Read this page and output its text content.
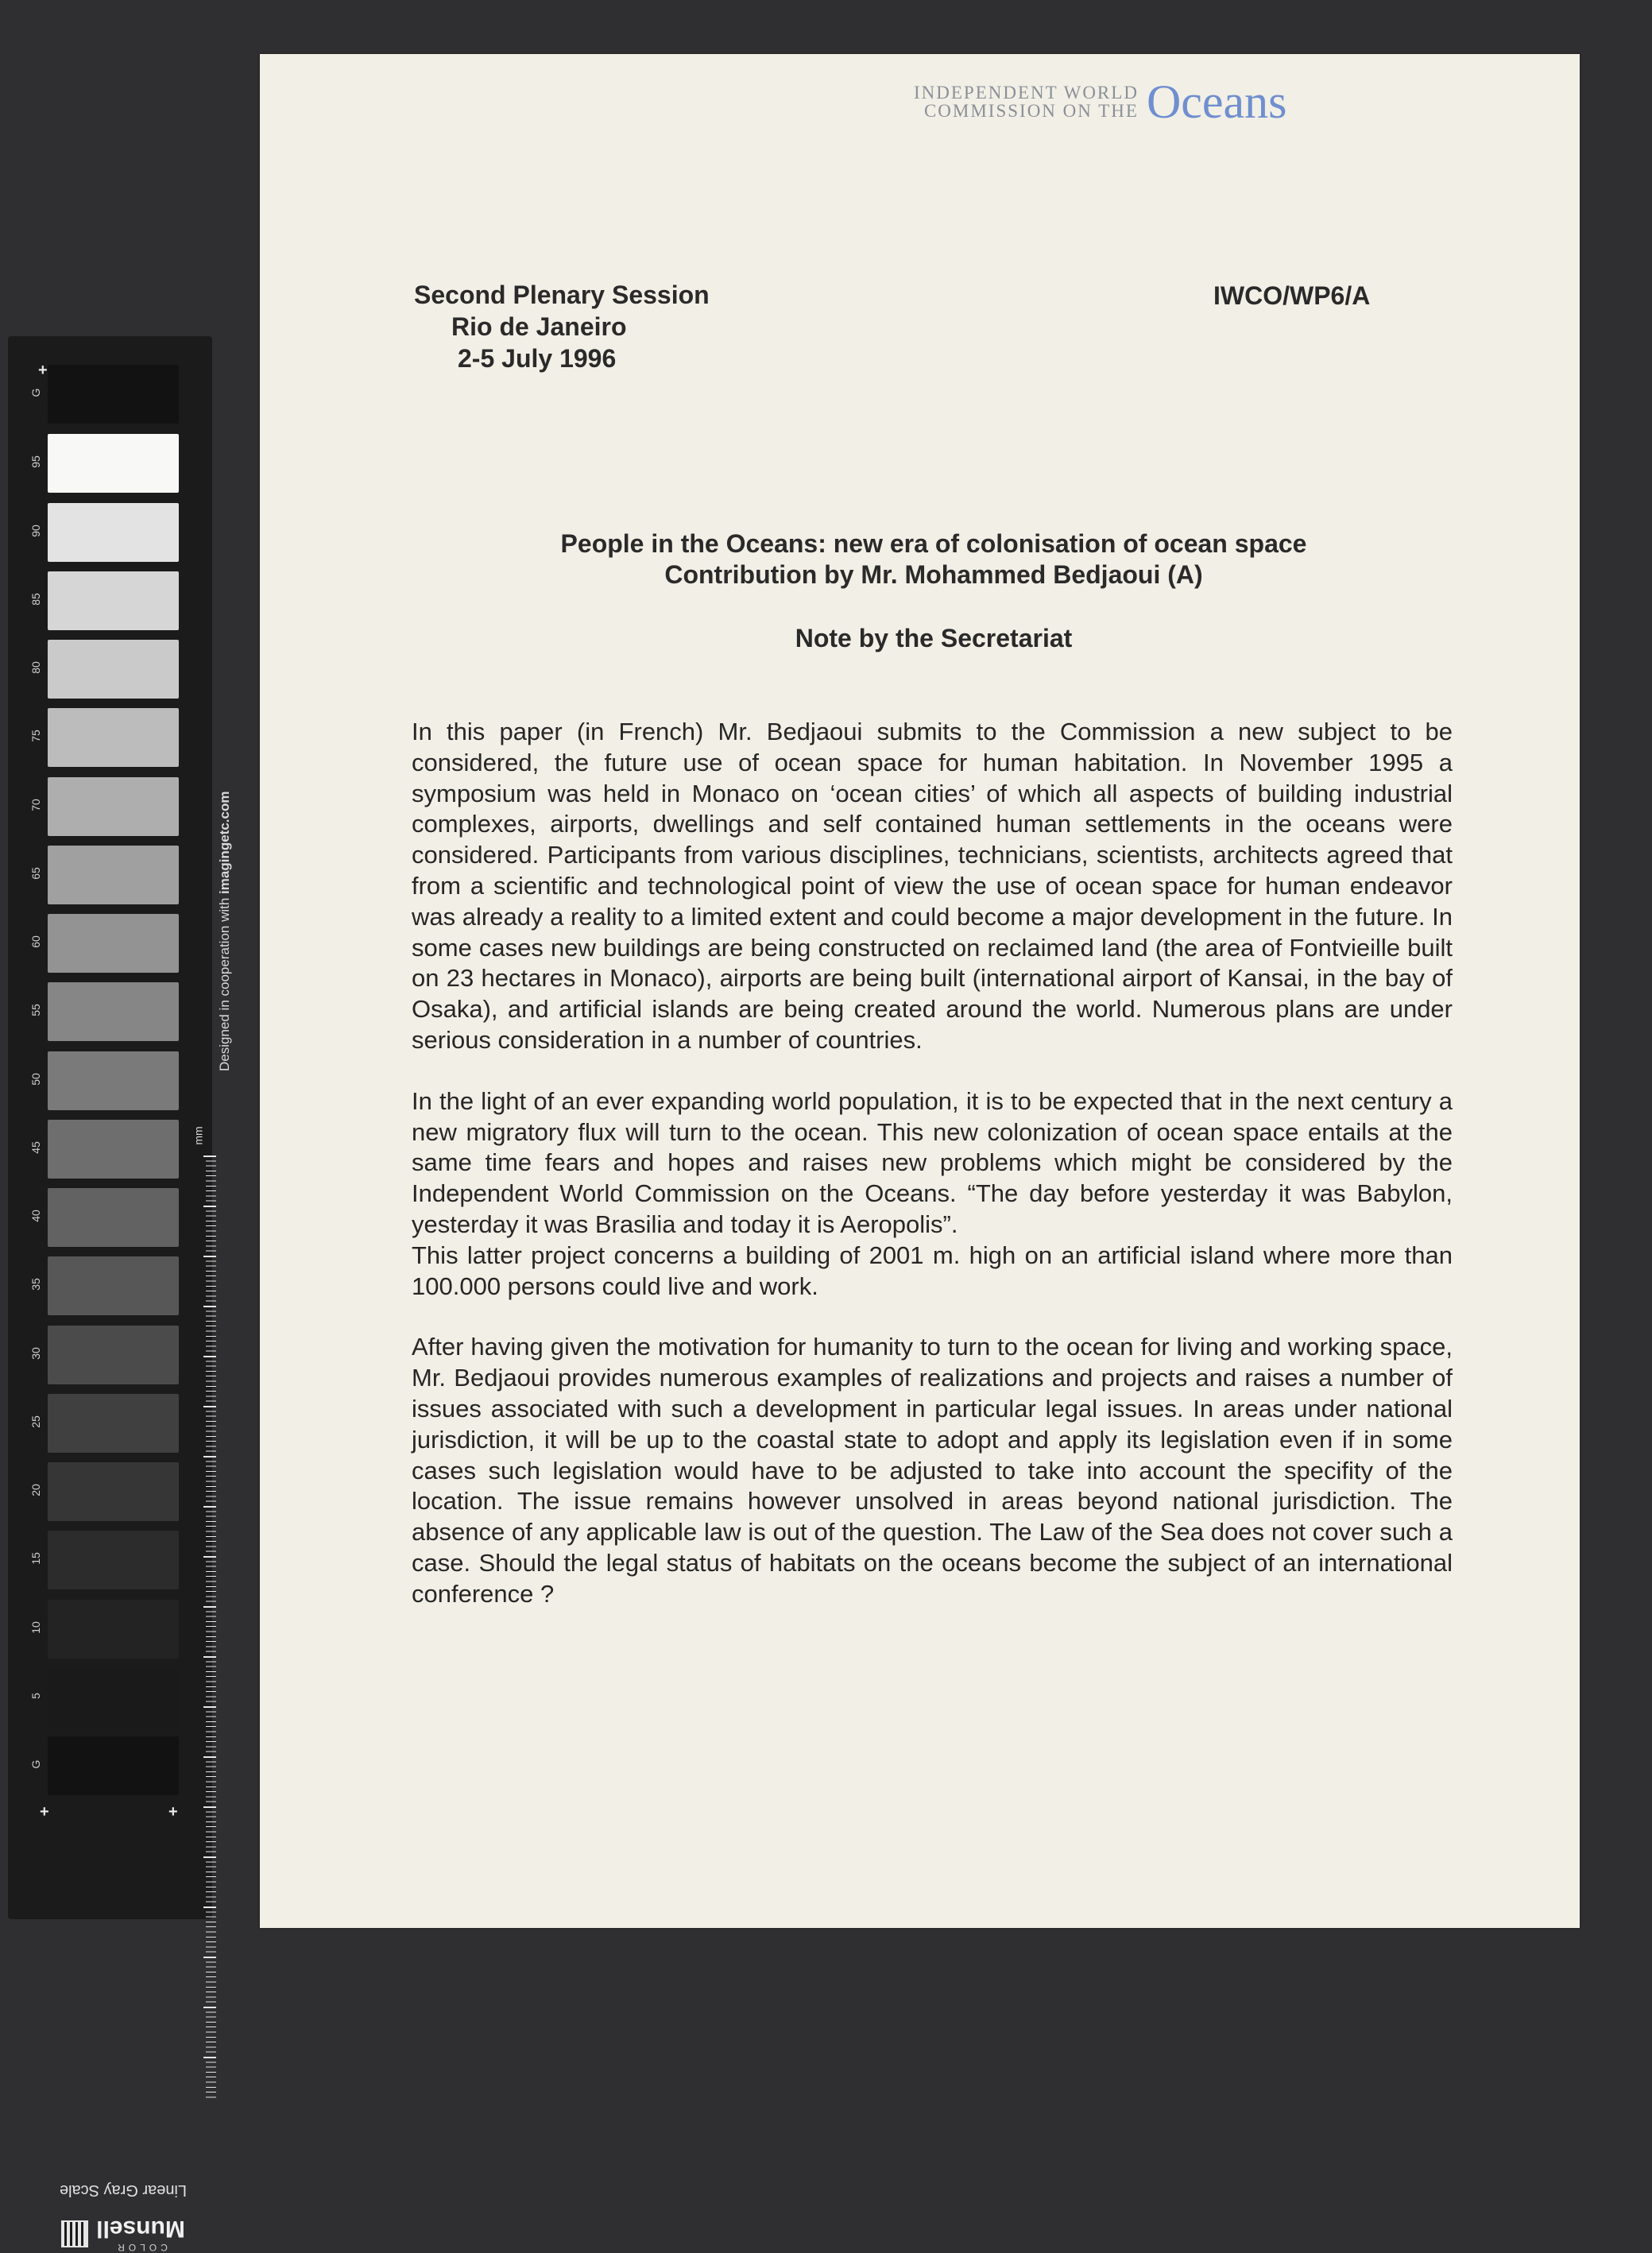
+
G
95
90
85
80
75
70
65
60
55
50
45
40
35
30
25
20
15
10
5
G
Designed in cooperation with imagingetc.com
mm
+	+
Linear Gray Scale
COLOR
Munsell
INDEPENDENT WORLD
COMMISSION ON THE Oceans
Second Plenary Session
Rio de Janeiro
2-5 July 1996
IWCO/WP6/A
People in the Oceans: new era of colonisation of ocean space
Contribution by Mr. Mohammed Bedjaoui (A)
Note by the Secretariat

In this paper (in French) Mr. Bedjaoui submits to the Commission a new subject to be considered, the future use of ocean space for human habitation. In November 1995 a symposium was held in Monaco on ‘ocean cities’ of which all aspects of building industrial complexes, airports, dwellings and self contained human settlements in the oceans were considered. Participants from various disciplines, technicians, scientists, architects agreed that from a scientific and technological point of view the use of ocean space for human endeavor was already a reality to a limited extent and could become a major development in the future. In some cases new buildings are being constructed on reclaimed land (the area of Fontvieille built on 23 hectares in Monaco), airports are being built (international airport of Kansai, in the bay of Osaka), and artificial islands are being created around the world. Numerous plans are under serious consideration in a number of countries.

In the light of an ever expanding world population, it is to be expected that in the next century a new migratory flux will turn to the ocean. This new colonization of ocean space entails at the same time fears and hopes and raises new problems which might be considered by the Independent World Commission on the Oceans. “The day before yesterday it was Babylon, yesterday it was Brasilia and today it is Aeropolis”.

This latter project concerns a building of 2001 m. high on an artificial island where more than 100.000 persons could live and work.

After having given the motivation for humanity to turn to the ocean for living and working space, Mr. Bedjaoui provides numerous examples of realizations and projects and raises a number of issues associated with such a development in particular legal issues. In areas under national jurisdiction, it will be up to the coastal state to adopt and apply its legislation even if in some cases such legislation would have to be adjusted to take into account the specifity of the location. The issue remains however unsolved in areas beyond national jurisdiction. The absence of any applicable law is out of the question. The Law of the Sea does not cover such a case. Should the legal status of habitats on the oceans become the subject of an international conference ?
